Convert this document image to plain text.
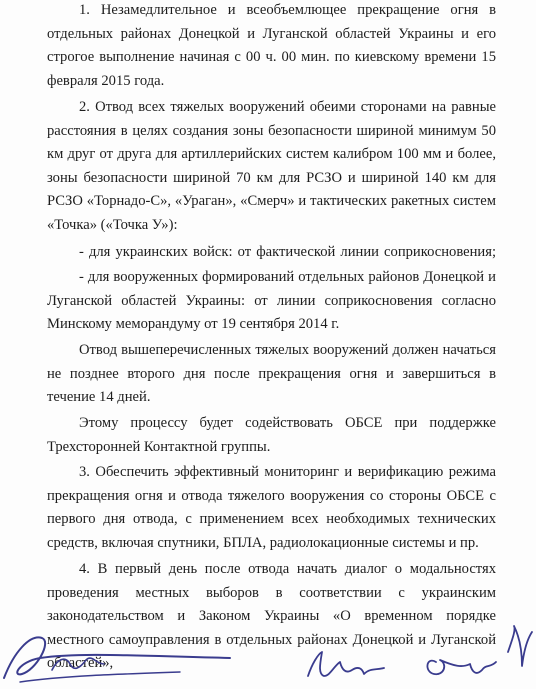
1. Незамедлительное и всеобъемлющее прекращение огня в отдельных районах Донецкой и Луганской областей Украины и его строгое выполнение начиная с 00 ч. 00 мин. по киевскому времени 15 февраля 2015 года.

2. Отвод всех тяжелых вооружений обеими сторонами на равные расстояния в целях создания зоны безопасности шириной минимум 50 км друг от друга для артиллерийских систем калибром 100 мм и более, зоны безопасности шириной 70 км для РСЗО и шириной 140 км для РСЗО «Торнадо-С», «Ураган», «Смерч» и тактических ракетных систем «Точка» («Точка У»):

- для украинских войск: от фактической линии соприкосновения;

- для вооруженных формирований отдельных районов Донецкой и Луганской областей Украины: от линии соприкосновения согласно Минскому меморандуму от 19 сентября 2014 г.

Отвод вышеперечисленных тяжелых вооружений должен начаться не позднее второго дня после прекращения огня и завершиться в течение 14 дней.

Этому процессу будет содействовать ОБСЕ при поддержке Трехсторонней Контактной группы.

3. Обеспечить эффективный мониторинг и верификацию режима прекращения огня и отвода тяжелого вооружения со стороны ОБСЕ с первого дня отвода, с применением всех необходимых технических средств, включая спутники, БПЛА, радиолокационные системы и пр.

4. В первый день после отвода начать диалог о модальностях проведения местных выборов в соответствии с украинским законодательством и Законом Украины «О временном порядке местного самоуправления в отдельных районах Донецкой и Луганской областей»,
